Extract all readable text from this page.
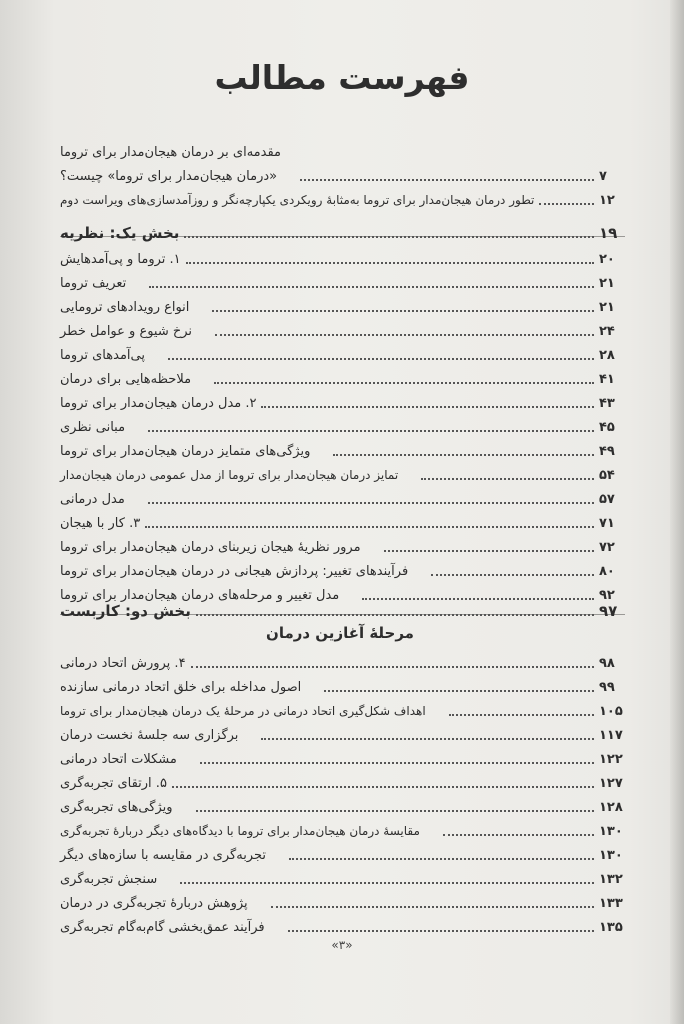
فهرست مطالب
مقدمه‌ای بر درمان هیجان‌مدار برای تروما
«درمان هیجان‌مدار برای تروما» چیست؟	۷
تطور درمان هیجان‌مدار برای تروما به‌مثابهٔ رویکردی یکپارچه‌نگر و روزآمدسازی‌های ویراست دوم	۱۲
بخش یک: نظریه	۱۹
۱. تروما و پی‌آمدهایش	۲۰
تعریف تروما	۲۱
انواع رویدادهای ترومایی	۲۱
نرخ شیوع و عوامل خطر	۲۴
پی‌آمدهای تروما	۲۸
ملاحظه‌هایی برای درمان	۴۱
۲. مدل درمان هیجان‌مدار برای تروما	۴۳
مبانی نظری	۴۵
ویژگی‌های متمایز درمان هیجان‌مدار برای تروما	۴۹
تمایز درمان هیجان‌مدار برای تروما از مدل عمومی درمان هیجان‌مدار	۵۴
مدل درمانی	۵۷
۳. کار با هیجان	۷۱
مرور نظریهٔ هیجان زیربنای درمان هیجان‌مدار برای تروما	۷۲
فرآیندهای تغییر: پردازش هیجانی در درمان هیجان‌مدار برای تروما	۸۰
مدل تغییر و مرحله‌های درمان هیجان‌مدار برای تروما	۹۲
بخش دو: کاربست	۹۷
مرحلهٔ آغازین درمان
۴. پرورش اتحاد درمانی	۹۸
اصول مداخله برای خلق اتحاد درمانی سازنده	۹۹
اهداف شکل‌گیری اتحاد درمانی در مرحلهٔ یک درمان هیجان‌مدار برای تروما	۱۰۵
برگزاری سه جلسهٔ نخست درمان	۱۱۷
مشکلات اتحاد درمانی	۱۲۲
۵. ارتقای تجربه‌گری	۱۲۷
ویژگی‌های تجربه‌گری	۱۲۸
مقایسهٔ درمان هیجان‌مدار برای تروما با دیدگاه‌های دیگر دربارهٔ تجربه‌گری	۱۳۰
تجربه‌گری در مقایسه با سازه‌های دیگر	۱۳۰
سنجش تجربه‌گری	۱۳۲
پژوهش دربارهٔ تجربه‌گری در درمان	۱۳۳
فرآیند عمق‌بخشی گام‌به‌گام تجربه‌گری	۱۳۵
«۳»
